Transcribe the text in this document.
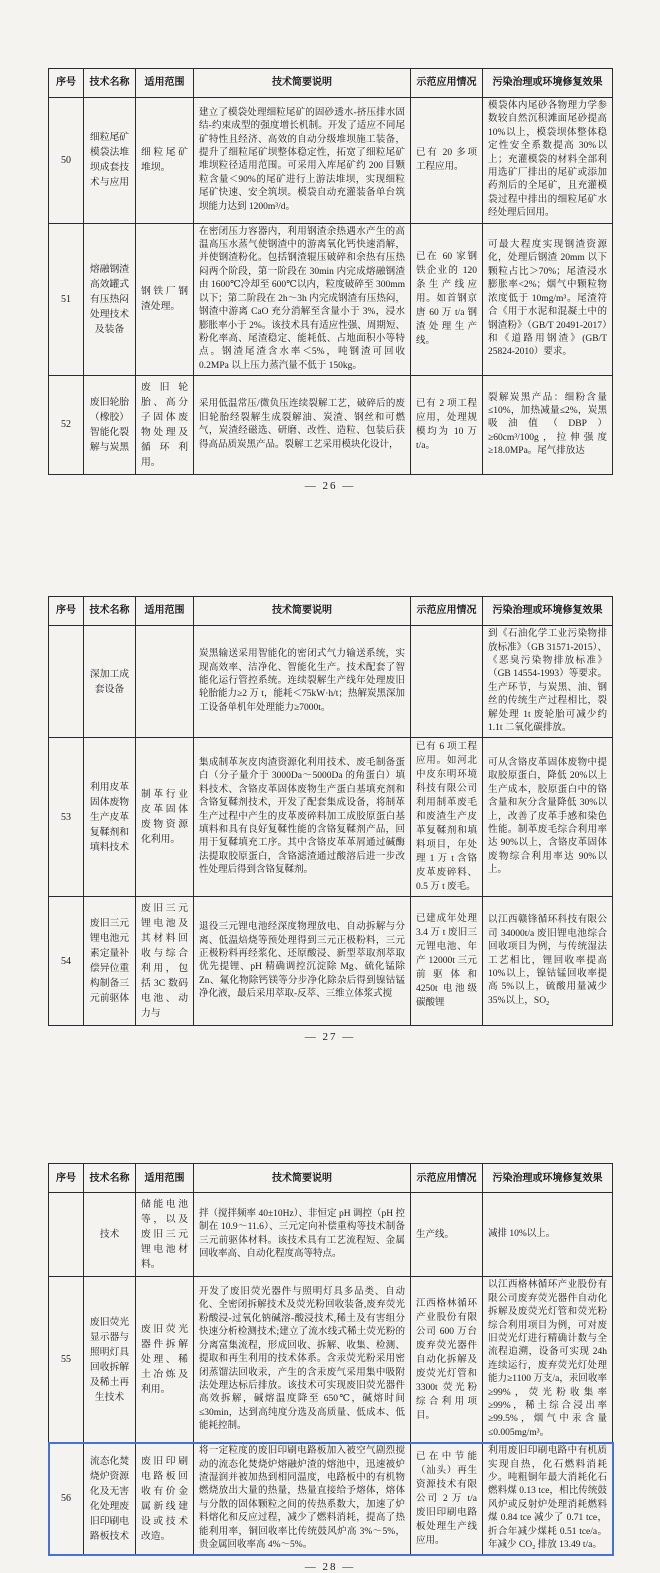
序号	技术名称	适用范围	技术简要说明	示范应用情况	污染治理或环境修复效果
50	细粒尾矿模袋法堆坝成套技术与应用	细粒尾矿堆坝。	建立了模袋处理细粒尾矿的固砂透水-挤压排水固结-约束成型的强度增长机制。开发了适应不同尾矿特性且经济、高效的自动分级堆坝施工装备，提升了细粒尾矿坝整体稳定性，拓宽了细粒尾矿堆坝粒径适用范围。可采用入库尾矿约 200 目颗粒含量＜90%的尾矿进行上游法堆坝，实现细粒尾矿快速、安全筑坝。模袋自动充灌装备单台筑坝能力达到 1200m³/d。	已有 20 多项工程应用。	模袋体内尾砂各物理力学参数较自然沉积滩面尾砂提高 10%以上，模袋坝体整体稳定性安全系数提高 30%以上；充灌模袋的材料全部利用选矿厂排出的尾矿或添加药剂后的全尾矿，且充灌模袋过程中排出的细粒尾矿水经处理后回用。
51	熔融钢渣高效罐式有压热闷处理技术及装备	钢铁厂钢渣处理。	在密闭压力容器内，利用钢渣余热遇水产生的高温高压水蒸气使钢渣中的游离氧化钙快速消解，并使钢渣粉化。包括钢渣辊压破碎和余热有压热闷两个阶段，第一阶段在 30min 内完成熔融钢渣由 1600℃冷却至 600℃以内，粒度破碎至 300mm 以下；第二阶段在 2h～3h 内完成钢渣有压热闷，钢渣中游离 CaO 充分消解至含量小于 3%，浸水膨胀率小于 2%。该技术具有适应性强、周期短、粉化率高、尾渣稳定、能耗低、占地面积小等特点。钢渣尾渣含水率＜5%，吨钢渣可回收 0.2MPa 以上压力蒸汽量不低于 150kg。	已在 60 家钢铁企业的 120 条生产线应用。如首钢京唐 60 万 t/a 钢渣处理生产线。	可最大程度实现钢渣资源化，处理后钢渣 20mm 以下颗粒占比＞70%；尾渣浸水膨胀率<2%；烟气中颗粒物浓度低于 10mg/m³。尾渣符合《用于水泥和混凝土中的钢渣粉》（GB/T 20491-2017）和《道路用钢渣》(GB/T 25824-2010）要求。
52	废旧轮胎（橡胶）智能化裂解与炭黑	废旧轮胎、高分子固体废物处理及循环利用。	采用低温常压/微负压连续裂解工艺，破碎后的废旧轮胎经裂解生成裂解油、炭渣、钢丝和可燃气，炭渣经磁选、研磨、改性、造粒、包装后获得高品质炭黑产品。裂解工艺采用模块化设计，	已有 2 项工程应用，处理规模均为 10 万 t/a。	裂解炭黑产品：细粉含量≤10%，加热减量≤2%，炭黑吸油值（DBP）≥60cm³/100g，拉伸强度≥18.0MPa。尾气排放达
— 26 —
序号	技术名称	适用范围	技术简要说明	示范应用情况	污染治理或环境修复效果
	深加工成套设备		炭黑输送采用智能化的密闭式气力输送系统，实现高效率、洁净化、智能化生产。技术配套了智能化运行管控系统。连续裂解生产线年处理废旧轮胎能力≥2 万 t，能耗＜75kW·h/t；热解炭黑深加工设备单机年处理能力≥7000t。		到《石油化学工业污染物排放标准》（GB 31571-2015）、《恶臭污染物排放标准》（GB 14554-1993）等要求。生产环节，与炭黑、油、钢丝的传统生产过程相比，裂解处理 1t 废轮胎可减少约 1.1t 二氧化碳排放。
53	利用皮革固体废物生产皮革复鞣剂和填料技术	制革行业皮革固体废物资源化利用。	集成制革灰皮肉渣资源化利用技术、废毛制备蛋白（分子量介于 3000Da～5000Da 的角蛋白）填料技术、含铬皮革固体废物生产蛋白基填充剂和含铬复鞣剂技术，开发了配套集成设备，将制革生产过程中产生的皮革废碎料加工成胶原蛋白基填料和具有良好复鞣性能的含铬复鞣剂产品，回用于复鞣填充工序。其中含铬皮革革屑通过碱酶法提取胶原蛋白，含铬滤渣通过酸溶后进一步改性处理后得到含铬复鞣剂。	已有 6 项工程应用。如河北中皮东明环境科技有限公司利用制革废毛和废渣生产皮革复鞣剂和填料项目，年处理 1 万 t 含铬皮革废碎料、0.5 万 t 废毛。	可从含铬皮革固体废物中提取胶原蛋白，降低 20%以上生产成本，胶原蛋白中的铬含量和灰分含量降低 30%以上，改善了皮革手感和染色性能。制革废毛综合利用率达 90%以上，含铬皮革固体废物综合利用率达 90%以上。
54	废旧三元锂电池元素定量补偿异位重构制备三元前驱体	废旧三元锂电池及其材料回收与综合利用，包括 3C 数码电池、动力与	退役三元锂电池经深度物理放电、自动拆解与分离、低温焙烧等预处理得到三元正极粉料，三元正极粉料再经浆化、还原酸浸、新型萃取剂萃取优先提锂、pH 精确调控沉淀除 Mg、硫化锰除 Zn、氟化物除钙镁等分步净化除杂后得到镍钴锰净化液，最后采用萃取-反萃、三维立体浆式搅	已建成年处理 3.4 万 t 废旧三元锂电池、年产 12000t 三元前驱体和 4250t 电池级碳酸锂	以江西赣锋循环科技有限公司 34000t/a 废旧锂电池综合回收项目为例，与传统湿法工艺相比，锂回收率提高 10%以上，镍钴锰回收率提高 5%以上，硫酸用量减少 35%以上，SO₂
— 27 —
序号	技术名称	适用范围	技术简要说明	示范应用情况	污染治理或环境修复效果
	技术	储能电池等，以及废旧三元锂电池材料。	拌（搅拌频率 40±10Hz）、非恒定 pH 调控（pH 控制在 10.9～11.6）、三元定向补偿重构等技术制备三元前驱体材料。该技术具有工艺流程短、金属回收率高、自动化程度高等特点。	生产线。	减排 10%以上。
55	废旧荧光显示器与照明灯具回收拆解及稀土再生技术	废旧荧光器件拆解处理、稀土冶炼及利用。	开发了废旧荧光器件与照明灯具多品类、自动化、全密闭拆解技术及荧光粉回收装备,废弃荧光粉酸浸-过氧化钠碱溶-酸浸技术,稀土及有害组分快速分析检测技术;建立了流水线式稀土荧光粉的分离富集流程，形成回收、拆解、收集、检测、提取和再生利用的技术体系。含汞荧光粉采用密闭蒸馏法回收汞，产生的含汞废气采用集中吸附法处理达标后排放。该技术可实现废旧荧光器件高效拆解，碱熔温度降至 650℃，碱熔时间≤30min，达到高纯度分选及高质量、低成本、低能耗控制。	江西格林循环产业股份有限公司 600 万台废弃荧光器件自动化拆解及废荧光灯管和 3300t 荧光粉综合利用项目。	以江西格林循环产业股份有限公司废弃荧光器件自动化拆解及废荧光灯管和荧光粉综合利用项目为例，可对废旧荧光灯进行精确计数与全流程追溯，设备可实现 24h 连续运行，废弃荧光灯处理能力≥1100 万支/a，汞回收率≥99%，荧光粉收集率≥99%，稀土综合浸出率≥99.5%，烟气中汞含量≤0.005mg/m³。
56	流态化焚烧炉资源化及无害化处理废旧印刷电路板技术	废旧印刷电路板回收有价金属新线建设或技术改造。	将一定粒度的废旧印刷电路板加入被空气剧烈搅动的流态化焚烧炉熔融炉渣的熔池中，迅速被炉渣湿润并被加热到相同温度，电路板中的有机物燃烧放出大量的热量，热量直接给予熔体，熔体与分散的固体颗粒之间的传热系数大，加速了炉料熔化和反应过程，减少了燃料消耗，提高了热能利用率，铜回收率比传统鼓风炉高 3%～5%，贵金属回收率高 4%～5%。	已在中节能（汕头）再生资源技术有限公司 2 万 t/a 废旧印刷电路板处理生产线应用。	利用废旧印刷电路中有机质实现自热，化石燃料消耗少。吨粗铜年最大消耗化石燃料煤 0.13 tce，相比传统鼓风炉或反射炉处理消耗燃料煤 0.84 tce 减少了 0.71 tce，折合年减少煤耗 0.51 tce/a。年减少 CO₂ 排放 13.49 t/a。
— 28 —
